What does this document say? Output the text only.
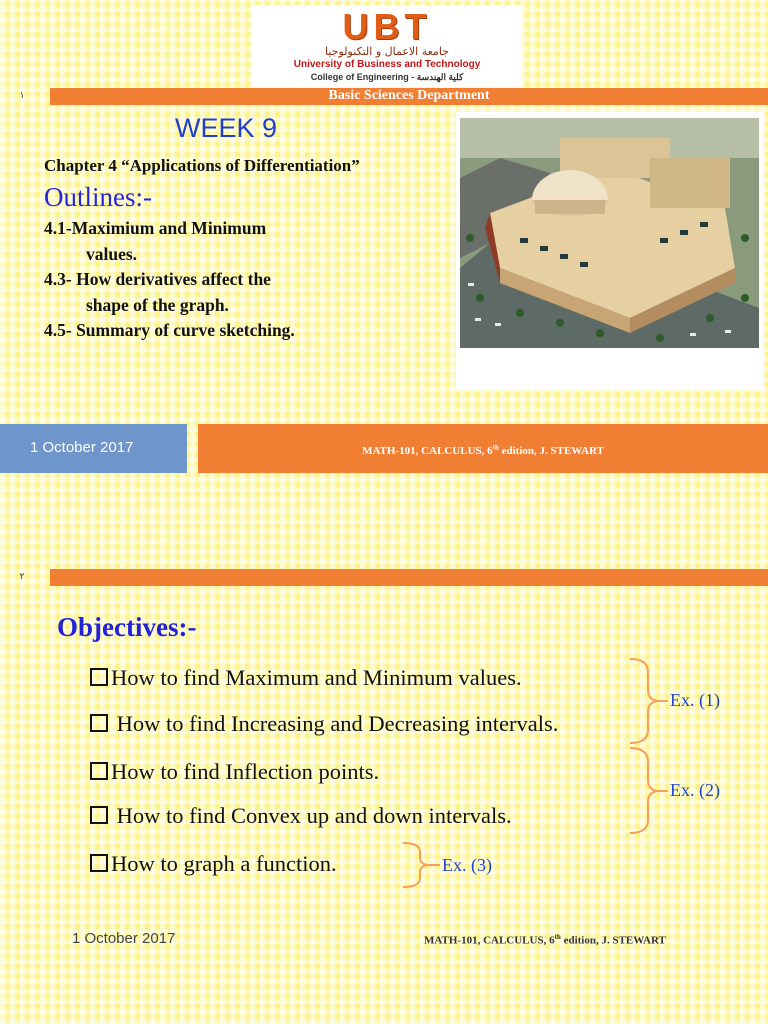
UBT
جامعة الاعمال و التكنولوجيا
University of Business and Technology
College of Engineering - كلية الهندسة
١	Basic Sciences Department
WEEK 9
Chapter 4 “Applications of Differentiation”
Outlines:-
4.1-Maximium and Minimum
values.
4.3- How derivatives affect the
shape of the graph.
4.5- Summary of curve sketching.
1 October 2017	MATH-101, CALCULUS, 6th edition, J. STEWART
٢
Objectives:-
How to find Maximum and Minimum values.
How to find Increasing and Decreasing intervals.
How to find Inflection points.
How to find Convex up and down intervals.
How to graph a function.
Ex. (1)
Ex. (2)
Ex. (3)
1 October 2017	MATH-101, CALCULUS, 6th edition, J. STEWART
